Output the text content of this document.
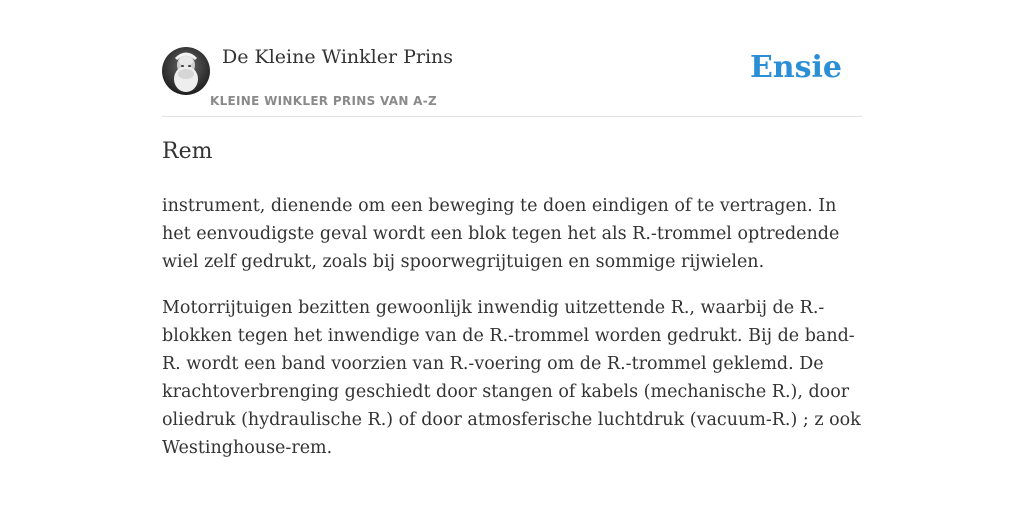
De Kleine Winkler Prins
KLEINE WINKLER PRINS VAN A-Z
Ensie
Rem

instrument, dienende om een beweging te doen eindigen of te vertragen. In het eenvoudigste geval wordt een blok tegen het als R.-trommel optredende wiel zelf gedrukt, zoals bij spoorwegrijtuigen en sommige rijwielen.

Motorrijtuigen bezitten gewoonlijk inwendig uitzettende R., waarbij de R.-blokken tegen het inwendige van de R.-trommel worden gedrukt. Bij de band-R. wordt een band voorzien van R.-voering om de R.-trommel geklemd. De krachtoverbrenging geschiedt door stangen of kabels (mechanische R.), door oliedruk (hydraulische R.) of door atmosferische luchtdruk (vacuum-R.) ; z ook Westinghouse-rem.
